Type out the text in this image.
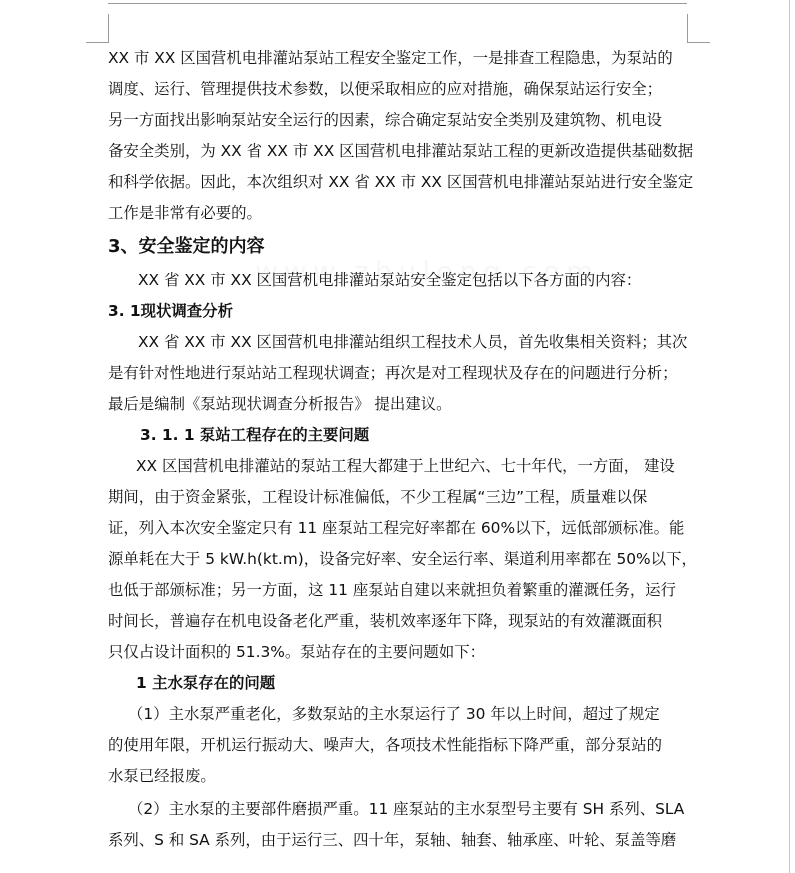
XX 市 XX 区国营机电排灌站泵站工程安全鉴定工作，一是排查工程隐患，为泵站的
调度、运行、管理提供技术参数，以便采取相应的应对措施，确保泵站运行安全；
另一方面找出影响泵站安全运行的因素，综合确定泵站安全类别及建筑物、机电设
备安全类别，为 XX 省 XX 市 XX 区国营机电排灌站泵站工程的更新改造提供基础数据
和科学依据。因此，本次组织对 XX 省 XX 市 XX 区国营机电排灌站泵站进行安全鉴定
工作是非常有必要的。
3、安全鉴定的内容
XX 省 XX 市 XX 区国营机电排灌站泵站安全鉴定包括以下各方面的内容：
3. 1现状调查分析
XX 省 XX 市 XX 区国营机电排灌站组织工程技术人员，首先收集相关资料；其次
是有针对性地进行泵站站工程现状调查；再次是对工程现状及存在的问题进行分析；
最后是编制《泵站现状调查分析报告》 提出建议。
3. 1. 1 泵站工程存在的主要问题
XX 区国营机电排灌站的泵站工程大都建于上世纪六、七十年代，一方面， 建设
期间，由于资金紧张，工程设计标准偏低，不少工程属“三边”工程，质量难以保
证，列入本次安全鉴定只有 11 座泵站工程完好率都在 60%以下，远低部颁标准。能
源单耗在大于 5 kW.h(kt.m)，设备完好率、安全运行率、渠道利用率都在 50%以下，
也低于部颁标准；另一方面，这 11 座泵站自建以来就担负着繁重的灌溉任务，运行
时间长，普遍存在机电设备老化严重，装机效率逐年下降，现泵站的有效灌溉面积
只仅占设计面积的 51.3%。泵站存在的主要问题如下：
1 主水泵存在的问题
（1）主水泵严重老化，多数泵站的主水泵运行了 30 年以上时间，超过了规定
的使用年限，开机运行振动大、噪声大，各项技术性能指标下降严重，部分泵站的
水泵已经报废。
（2）主水泵的主要部件磨损严重。11 座泵站的主水泵型号主要有 SH 系列、SLA
系列、S 和 SA 系列，由于运行三、四十年，泵轴、轴套、轴承座、叶轮、泵盖等磨
